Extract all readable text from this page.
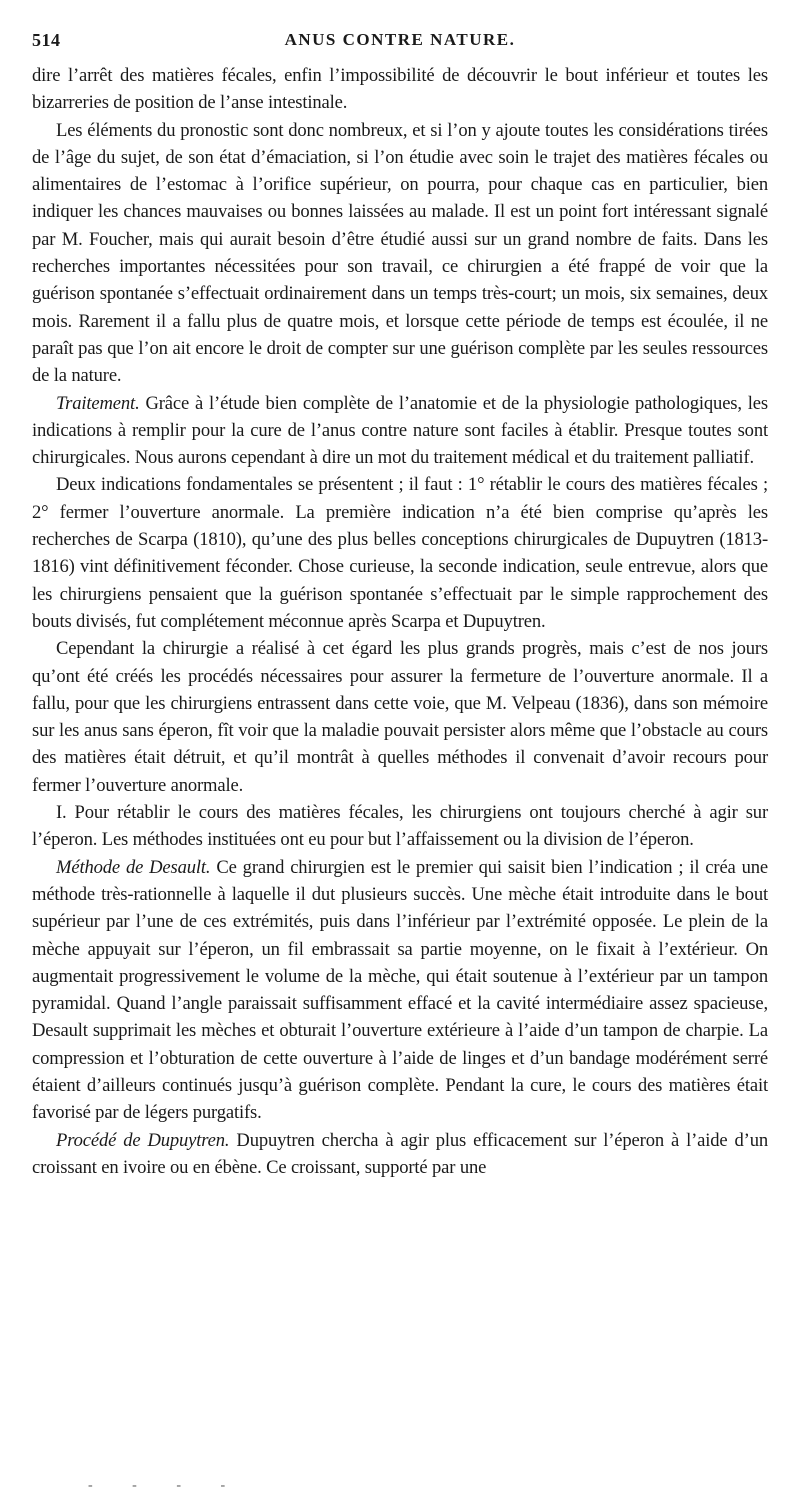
514	ANUS CONTRE NATURE.

dire l’arrêt des matières fécales, enfin l’impossibilité de découvrir le bout inférieur et toutes les bizarreries de position de l’anse intestinale.

Les éléments du pronostic sont donc nombreux, et si l’on y ajoute toutes les considérations tirées de l’âge du sujet, de son état d’émaciation, si l’on étudie avec soin le trajet des matières fécales ou alimentaires de l’estomac à l’orifice supérieur, on pourra, pour chaque cas en particulier, bien indiquer les chances mauvaises ou bonnes laissées au malade. Il est un point fort intéressant signalé par M. Foucher, mais qui aurait besoin d’être étudié aussi sur un grand nombre de faits. Dans les recherches importantes nécessitées pour son travail, ce chirurgien a été frappé de voir que la guérison spontanée s’effectuait ordinairement dans un temps très-court; un mois, six semaines, deux mois. Rarement il a fallu plus de quatre mois, et lorsque cette période de temps est écoulée, il ne paraît pas que l’on ait encore le droit de compter sur une guérison complète par les seules ressources de la nature.

Traitement. Grâce à l’étude bien complète de l’anatomie et de la physiologie pathologiques, les indications à remplir pour la cure de l’anus contre nature sont faciles à établir. Presque toutes sont chirurgicales. Nous aurons cependant à dire un mot du traitement médical et du traitement palliatif.

Deux indications fondamentales se présentent ; il faut : 1° rétablir le cours des matières fécales ; 2° fermer l’ouverture anormale. La première indication n’a été bien comprise qu’après les recherches de Scarpa (1810), qu’une des plus belles conceptions chirurgicales de Dupuytren (1813-1816) vint définitivement féconder. Chose curieuse, la seconde indication, seule entrevue, alors que les chirurgiens pensaient que la guérison spontanée s’effectuait par le simple rapprochement des bouts divisés, fut complétement méconnue après Scarpa et Dupuytren.

Cependant la chirurgie a réalisé à cet égard les plus grands progrès, mais c’est de nos jours qu’ont été créés les procédés nécessaires pour assurer la fermeture de l’ouverture anormale. Il a fallu, pour que les chirurgiens entrassent dans cette voie, que M. Velpeau (1836), dans son mémoire sur les anus sans éperon, fît voir que la maladie pouvait persister alors même que l’obstacle au cours des matières était détruit, et qu’il montrât à quelles méthodes il convenait d’avoir recours pour fermer l’ouverture anormale.

I. Pour rétablir le cours des matières fécales, les chirurgiens ont toujours cherché à agir sur l’éperon. Les méthodes instituées ont eu pour but l’affaissement ou la division de l’éperon.

Méthode de Desault. Ce grand chirurgien est le premier qui saisit bien l’indication ; il créa une méthode très-rationnelle à laquelle il dut plusieurs succès. Une mèche était introduite dans le bout supérieur par l’une de ces extrémités, puis dans l’inférieur par l’extrémité opposée. Le plein de la mèche appuyait sur l’éperon, un fil embrassait sa partie moyenne, on le fixait à l’extérieur. On augmentait progressivement le volume de la mèche, qui était soutenue à l’extérieur par un tampon pyramidal. Quand l’angle paraissait suffisamment effacé et la cavité intermédiaire assez spacieuse, Desault supprimait les mèches et obturait l’ouverture extérieure à l’aide d’un tampon de charpie. La compression et l’obturation de cette ouverture à l’aide de linges et d’un bandage modérément serré étaient d’ailleurs continués jusqu’à guérison complète. Pendant la cure, le cours des matières était favorisé par de légers purgatifs.

Procédé de Dupuytren. Dupuytren chercha à agir plus efficacement sur l’éperon à l’aide d’un croissant en ivoire ou en ébène. Ce croissant, supporté par une

- - - -
